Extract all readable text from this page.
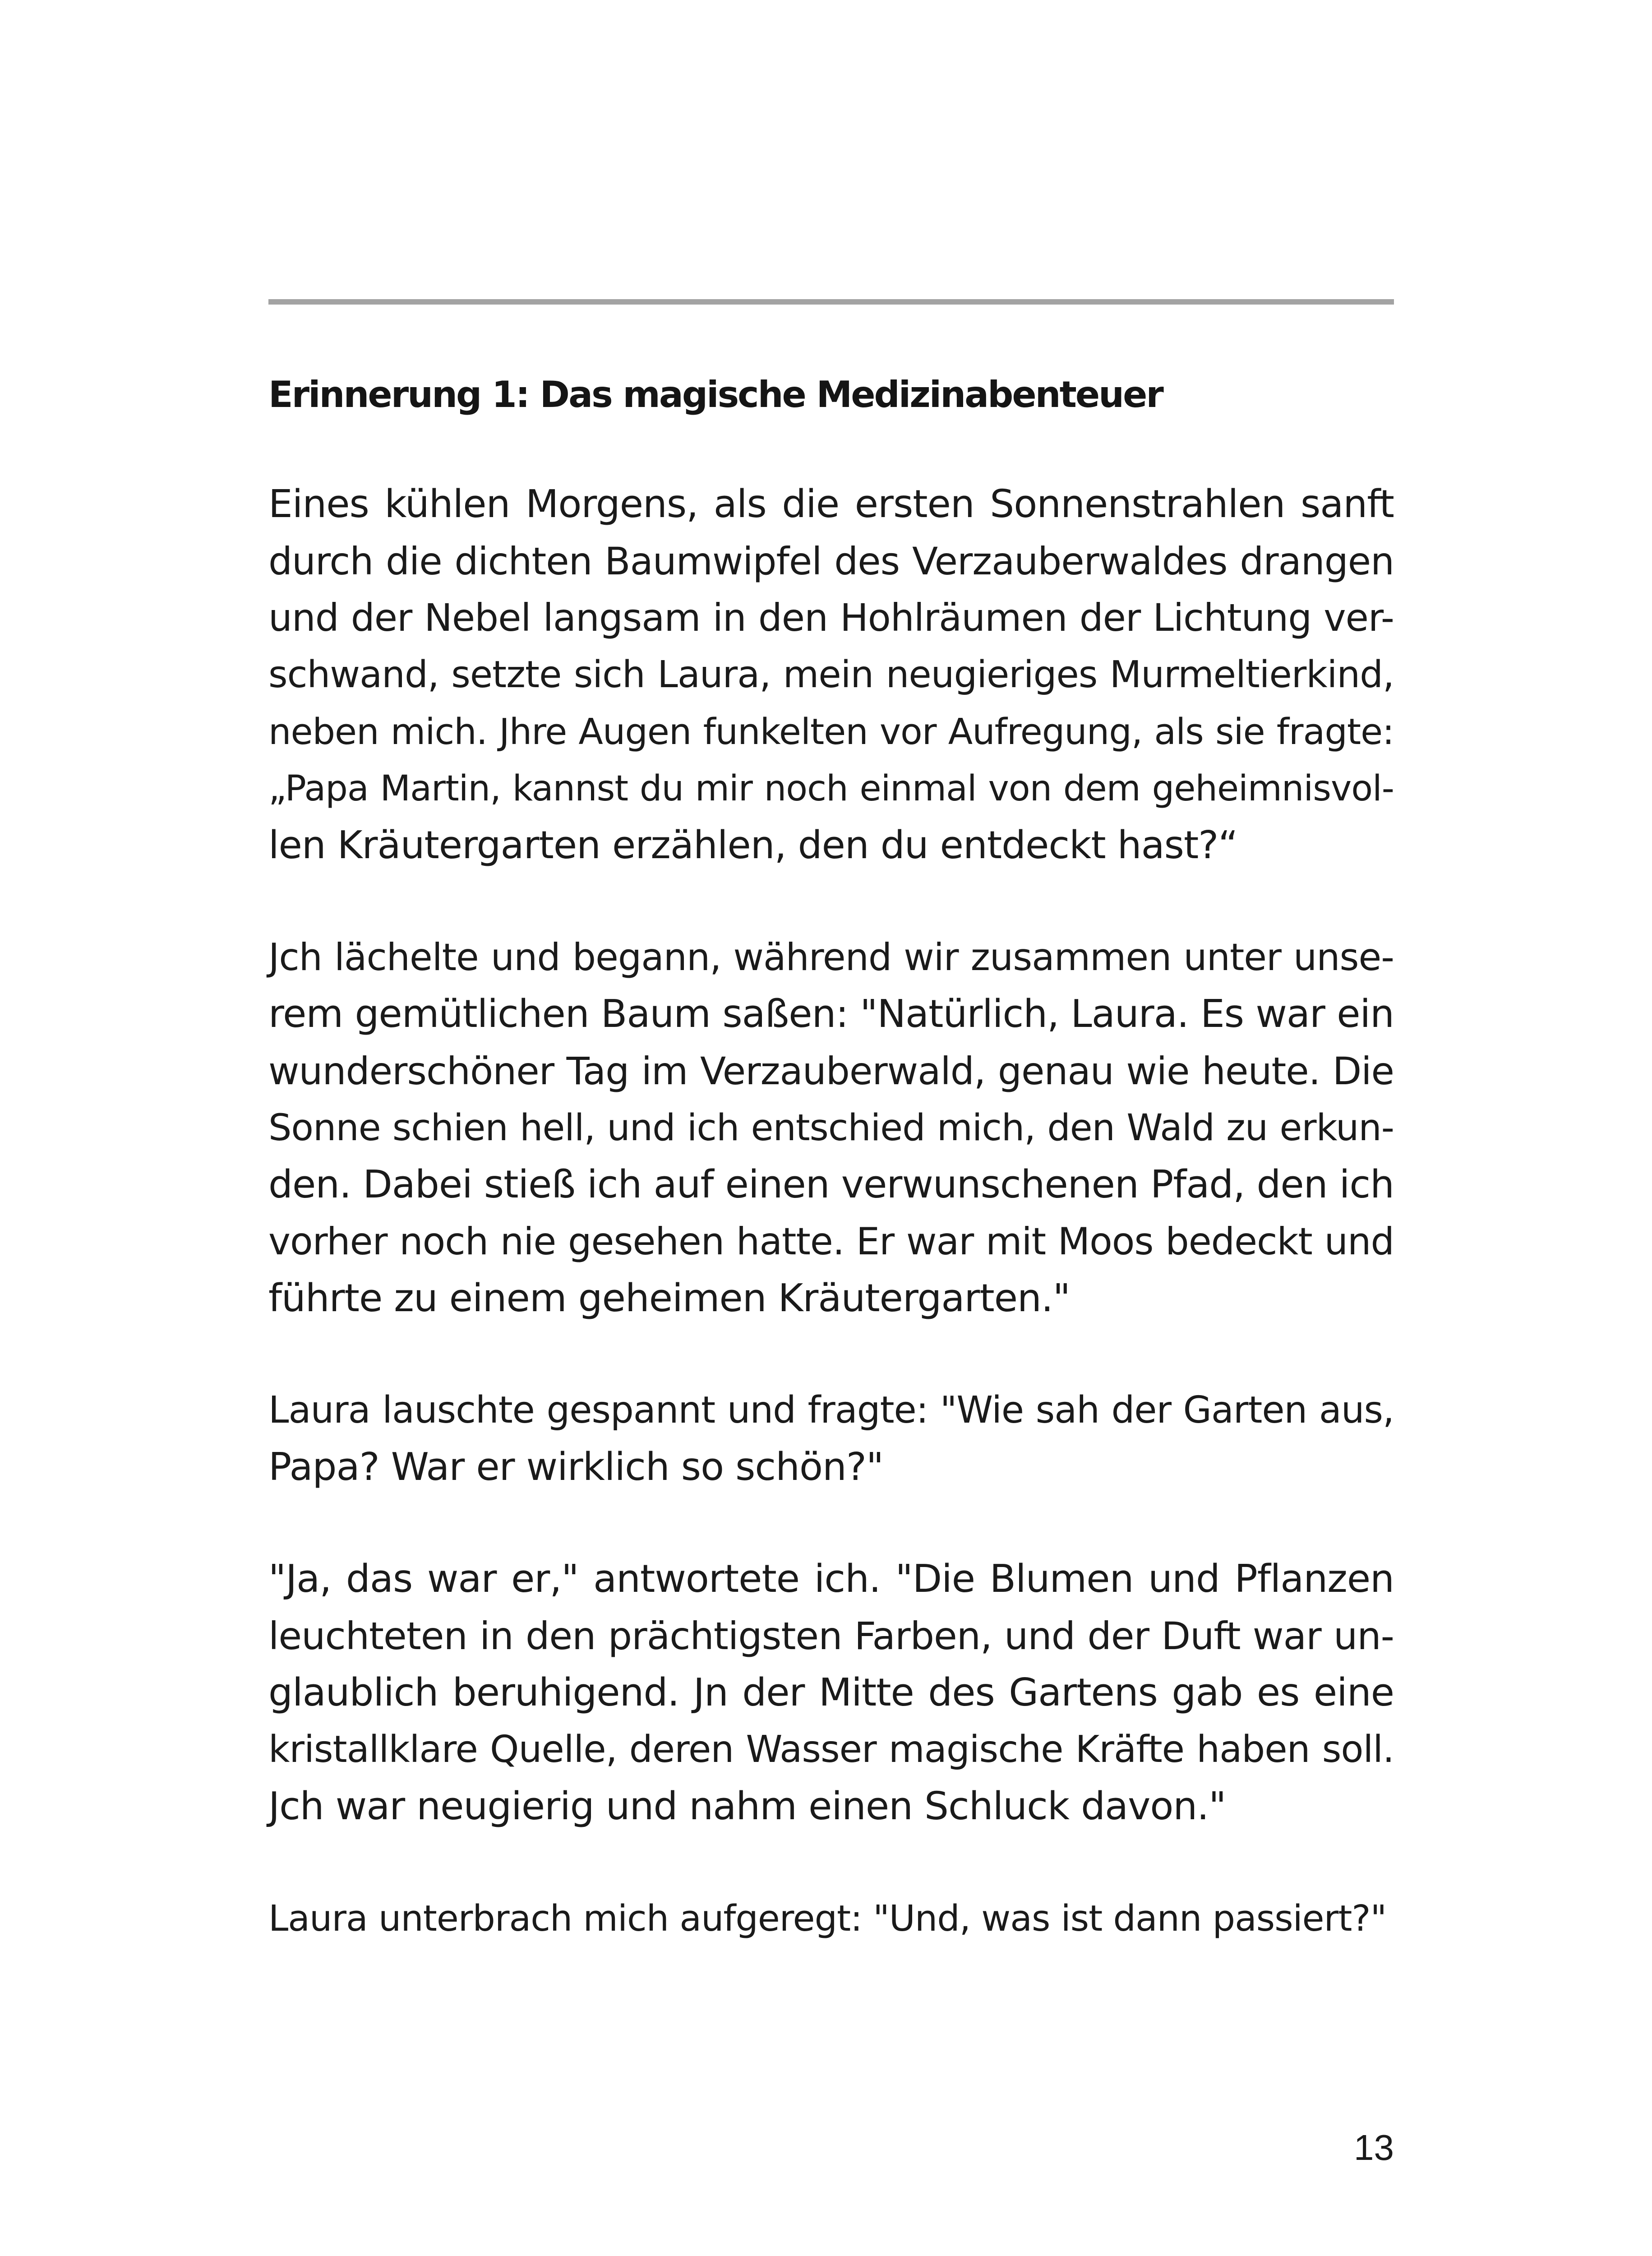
Erinnerung 1: Das magische Medizinabenteuer

Eines kühlen Morgens, als die ersten Sonnenstrahlen sanft
durch die dichten Baumwipfel des Verzauberwaldes drangen
und der Nebel langsam in den Hohlräumen der Lichtung ver-
schwand, setzte sich Laura, mein neugieriges Murmeltierkind,
neben mich. Jhre Augen funkelten vor Aufregung, als sie fragte:
„Papa Martin, kannst du mir noch einmal von dem geheimnisvol-
len Kräutergarten erzählen, den du entdeckt hast?“

Jch lächelte und begann, während wir zusammen unter unse-
rem gemütlichen Baum saßen: "Natürlich, Laura. Es war ein
wunderschöner Tag im Verzauberwald, genau wie heute. Die
Sonne schien hell, und ich entschied mich, den Wald zu erkun-
den. Dabei stieß ich auf einen verwunschenen Pfad, den ich
vorher noch nie gesehen hatte. Er war mit Moos bedeckt und
führte zu einem geheimen Kräutergarten."

Laura lauschte gespannt und fragte: "Wie sah der Garten aus,
Papa? War er wirklich so schön?"

"Ja, das war er," antwortete ich. "Die Blumen und Pflanzen
leuchteten in den prächtigsten Farben, und der Duft war un-
glaublich beruhigend. Jn der Mitte des Gartens gab es eine
kristallklare Quelle, deren Wasser magische Kräfte haben soll.
Jch war neugierig und nahm einen Schluck davon."

Laura unterbrach mich aufgeregt: "Und, was ist dann passiert?"

13
